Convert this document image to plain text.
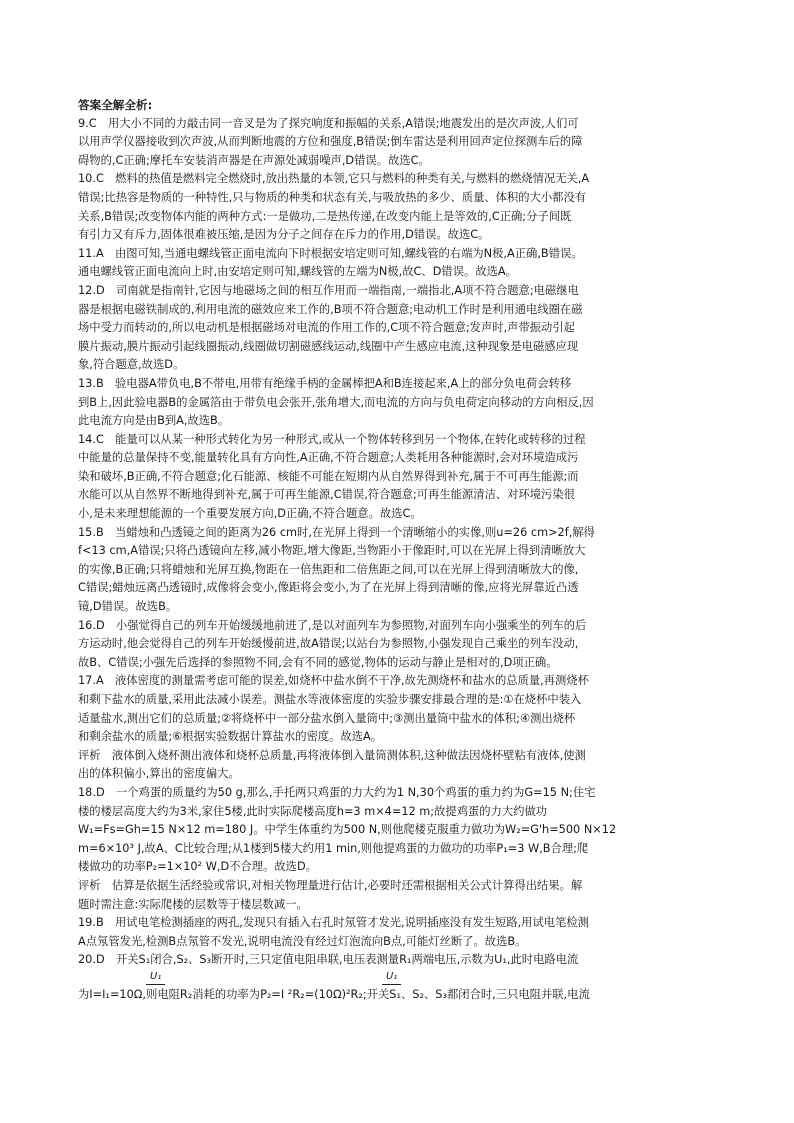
答案全解全析:
9.C　用大小不同的力敲击同一音叉是为了探究响度和振幅的关系,A错误;地震发出的是次声波,人们可
以用声学仪器接收到次声波,从而判断地震的方位和强度,B错误;倒车雷达是利用回声定位探测车后的障
碍物的,C正确;摩托车安装消声器是在声源处减弱噪声,D错误。故选C。
10.C　燃料的热值是燃料完全燃烧时,放出热量的本领,它只与燃料的种类有关,与燃料的燃烧情况无关,A
错误;比热容是物质的一种特性,只与物质的种类和状态有关,与吸放热的多少、质量、体积的大小都没有
关系,B错误;改变物体内能的两种方式:一是做功,二是热传递,在改变内能上是等效的,C正确;分子间既
有引力又有斥力,固体很难被压缩,是因为分子之间存在斥力的作用,D错误。故选C。
11.A　由图可知,当通电螺线管正面电流向下时根据安培定则可知,螺线管的右端为N极,A正确,B错误。
通电螺线管正面电流向上时,由安培定则可知,螺线管的左端为N极,故C、D错误。故选A。
12.D　司南就是指南针,它因与地磁场之间的相互作用而一端指南,一端指北,A项不符合题意;电磁继电
器是根据电磁铁制成的,利用电流的磁效应来工作的,B项不符合题意;电动机工作时是利用通电线圈在磁
场中受力而转动的,所以电动机是根据磁场对电流的作用工作的,C项不符合题意;发声时,声带振动引起
膜片振动,膜片振动引起线圈振动,线圈做切割磁感线运动,线圈中产生感应电流,这种现象是电磁感应现
象,符合题意,故选D。
13.B　验电器A带负电,B不带电,用带有绝缘手柄的金属棒把A和B连接起来,A上的部分负电荷会转移
到B上,因此验电器B的金属箔由于带负电会张开,张角增大,而电流的方向与负电荷定向移动的方向相反,因
此电流方向是由B到A,故选B。
14.C　能量可以从某一种形式转化为另一种形式,或从一个物体转移到另一个物体,在转化或转移的过程
中能量的总量保持不变,能量转化具有方向性,A正确,不符合题意;人类耗用各种能源时,会对环境造成污
染和破坏,B正确,不符合题意;化石能源、核能不可能在短期内从自然界得到补充,属于不可再生能源;而
水能可以从自然界不断地得到补充,属于可再生能源,C错误,符合题意;可再生能源清洁、对环境污染很
小,是未来理想能源的一个重要发展方向,D正确,不符合题意。故选C。
15.B　当蜡烛和凸透镜之间的距离为26 cm时,在光屏上得到一个清晰缩小的实像,则u=26 cm>2f,解得
f<13 cm,A错误;只将凸透镜向左移,减小物距,增大像距,当物距小于像距时,可以在光屏上得到清晰放大
的实像,B正确;只将蜡烛和光屏互换,物距在一倍焦距和二倍焦距之间,可以在光屏上得到清晰放大的像,
C错误;蜡烛远离凸透镜时,成像将会变小,像距将会变小,为了在光屏上得到清晰的像,应将光屏靠近凸透
镜,D错误。故选B。
16.D　小强觉得自己的列车开始缓缓地前进了,是以对面列车为参照物,对面列车向小强乘坐的列车的后
方运动时,他会觉得自己的列车开始缓慢前进,故A错误;以站台为参照物,小强发现自己乘坐的列车没动,
故B、C错误;小强先后选择的参照物不同,会有不同的感觉,物体的运动与静止是相对的,D项正确。
17.A　液体密度的测量需考虑可能的误差,如烧杯中盐水倒不干净,故先测烧杯和盐水的总质量,再测烧杯
和剩下盐水的质量,采用此法减小误差。测盐水等液体密度的实验步骤安排最合理的是:①在烧杯中装入
适量盐水,测出它们的总质量;②将烧杯中一部分盐水倒入量筒中;③测出量筒中盐水的体积;④测出烧杯
和剩余盐水的质量;⑥根据实验数据计算盐水的密度。故选A。
评析　液体倒入烧杯测出液体和烧杯总质量,再将液体倒入量筒测体积,这种做法因烧杯壁粘有液体,使测
出的体积偏小,算出的密度偏大。
18.D　一个鸡蛋的质量约为50 g,那么,手托两只鸡蛋的力大约为1 N,30个鸡蛋的重力约为G=15 N;住宅
楼的楼层高度大约为3米,家住5楼,此时实际爬楼高度h=3 m×4=12 m;故提鸡蛋的力大约做功
W₁=Fs=Gh=15 N×12 m=180 J。中学生体重约为500 N,则他爬楼克服重力做功为W₂=G'h=500 N×12
m=6×10³ J,故A、C比较合理;从1楼到5楼大约用1 min,则他提鸡蛋的力做功的功率P₁=3 W,B合理;爬
楼做功的功率P₂=1×10² W,D不合理。故选D。
评析　估算是依据生活经验或常识,对相关物理量进行估计,必要时还需根据相关公式计算得出结果。解
题时需注意:实际爬楼的层数等于楼层数减一。
19.B　用试电笔检测插座的两孔,发现只有插入右孔时氖管才发光,说明插座没有发生短路,用试电笔检测
A点氖管发光,检测B点氖管不发光,说明电流没有经过灯泡流向B点,可能灯丝断了。故选B。
20.D　开关S₁闭合,S₂、S₃断开时,三只定值电阻串联,电压表测量R₁两端电压,示数为U₁,此时电路电流
U₁	U₁
为I=I₁=10Ω,则电阻R₂消耗的功率为P₂=I ²R₂=(10Ω)²R₂;开关S₁、S₂、S₃都闭合时,三只电阻并联,电流
